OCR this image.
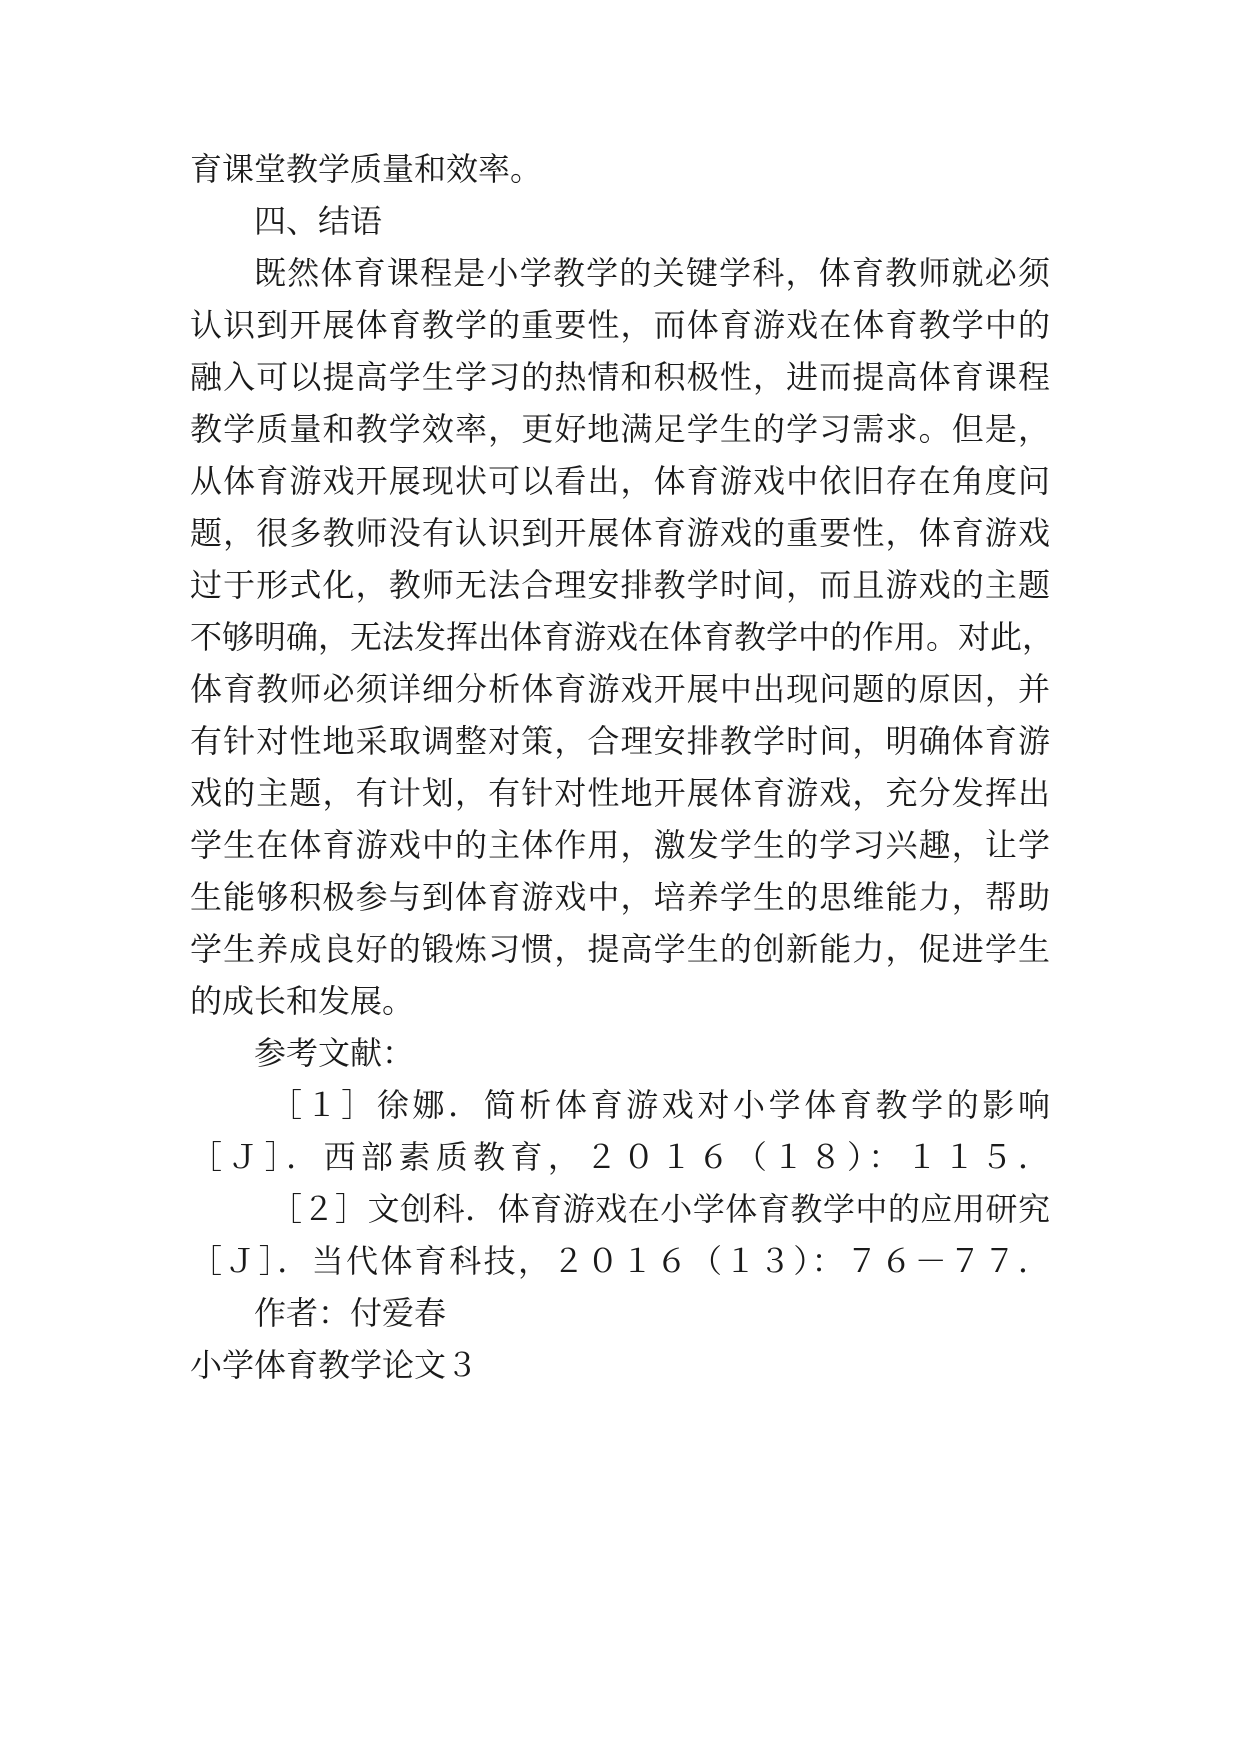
育课堂教学质量和效率。
四、结语
既然体育课程是小学教学的关键学科，体育教师就必须
认识到开展体育教学的重要性，而体育游戏在体育教学中的
融入可以提高学生学习的热情和积极性，进而提高体育课程
教学质量和教学效率，更好地满足学生的学习需求。但是，
从体育游戏开展现状可以看出，体育游戏中依旧存在角度问
题，很多教师没有认识到开展体育游戏的重要性，体育游戏
过于形式化，教师无法合理安排教学时间，而且游戏的主题
不够明确，无法发挥出体育游戏在体育教学中的作用。对此，
体育教师必须详细分析体育游戏开展中出现问题的原因，并
有针对性地采取调整对策，合理安排教学时间，明确体育游
戏的主题，有计划，有针对性地开展体育游戏，充分发挥出
学生在体育游戏中的主体作用，激发学生的学习兴趣，让学
生能够积极参与到体育游戏中，培养学生的思维能力，帮助
学生养成良好的锻炼习惯，提高学生的创新能力，促进学生
的成长和发展。
参考文献：
［１］徐娜．简析体育游戏对小学体育教学的影响
［Ｊ］．西部素质教育，２０１６（１８）：１１５．
［２］文创科．体育游戏在小学体育教学中的应用研究
［Ｊ］．当代体育科技，２０１６（１３）：７６－７７．
作者：付爱春
小学体育教学论文３
